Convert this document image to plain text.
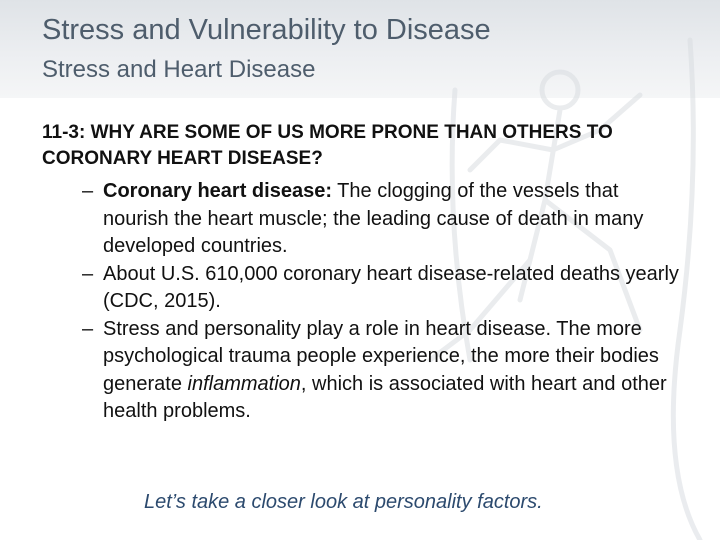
Stress and Vulnerability to Disease
Stress and Heart Disease
11-3: WHY ARE SOME OF US MORE PRONE THAN OTHERS TO CORONARY HEART DISEASE?
– Coronary heart disease: The clogging of the vessels that nourish the heart muscle; the leading cause of death in many developed countries.
– About U.S. 610,000 coronary heart disease-related deaths yearly (CDC, 2015).
– Stress and personality play a role in heart disease. The more psychological trauma people experience, the more their bodies generate inflammation, which is associated with heart and other health problems.
Let’s take a closer look at personality factors.
